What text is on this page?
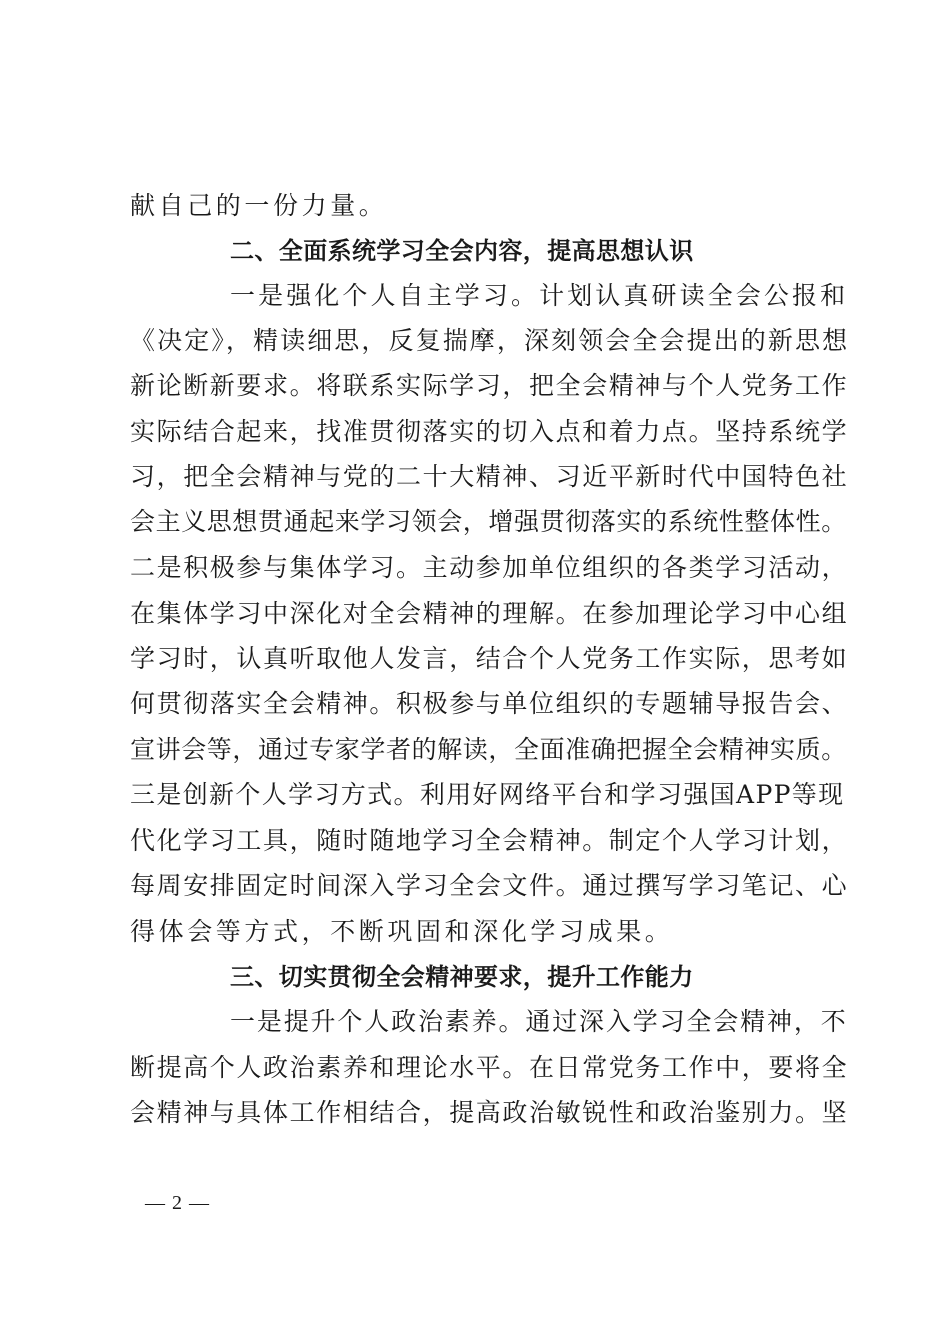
献自己的一份力量。
二、全面系统学习全会内容，提高思想认识
一是强化个人自主学习。计划认真研读全会公报和
《决定》，精读细思，反复揣摩，深刻领会全会提出的新思想
新论断新要求。将联系实际学习，把全会精神与个人党务工作
实际结合起来，找准贯彻落实的切入点和着力点。坚持系统学
习，把全会精神与党的二十大精神、习近平新时代中国特色社
会主义思想贯通起来学习领会，增强贯彻落实的系统性整体性。
二是积极参与集体学习。主动参加单位组织的各类学习活动，
在集体学习中深化对全会精神的理解。在参加理论学习中心组
学习时，认真听取他人发言，结合个人党务工作实际，思考如
何贯彻落实全会精神。积极参与单位组织的专题辅导报告会、
宣讲会等，通过专家学者的解读，全面准确把握全会精神实质。
三是创新个人学习方式。利用好网络平台和学习强国APP等现
代化学习工具，随时随地学习全会精神。制定个人学习计划，
每周安排固定时间深入学习全会文件。通过撰写学习笔记、心
得体会等方式，不断巩固和深化学习成果。
三、切实贯彻全会精神要求，提升工作能力
一是提升个人政治素养。通过深入学习全会精神，不
断提高个人政治素养和理论水平。在日常党务工作中，要将全
会精神与具体工作相结合，提高政治敏锐性和政治鉴别力。坚
— 2 —
